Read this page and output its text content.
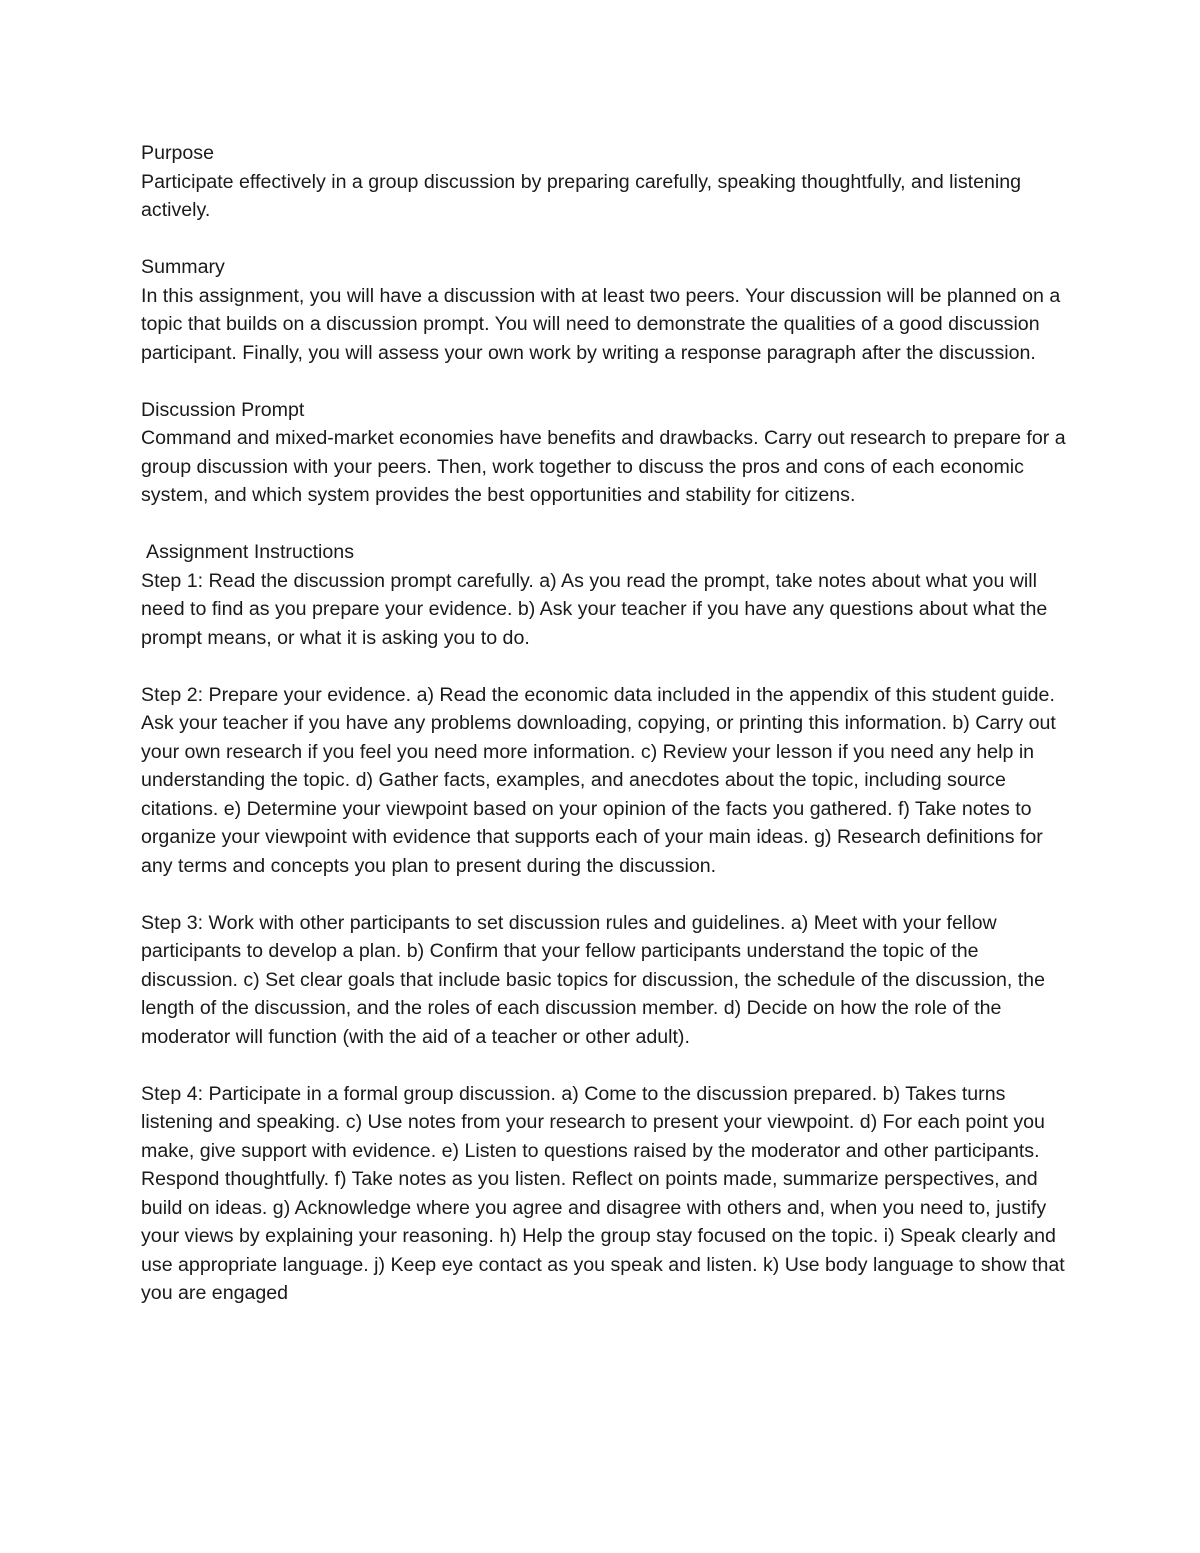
Purpose

Participate effectively in a group discussion by preparing carefully, speaking thoughtfully, and listening actively.

Summary

In this assignment, you will have a discussion with at least two peers. Your discussion will be planned on a topic that builds on a discussion prompt. You will need to demonstrate the qualities of a good discussion participant. Finally, you will assess your own work by writing a response paragraph after the discussion.

Discussion Prompt

Command and mixed-market economies have benefits and drawbacks. Carry out research to prepare for a group discussion with your peers. Then, work together to discuss the pros and cons of each economic system, and which system provides the best opportunities and stability for citizens.

Assignment Instructions

Step 1: Read the discussion prompt carefully. a) As you read the prompt, take notes about what you will need to find as you prepare your evidence. b) Ask your teacher if you have any questions about what the prompt means, or what it is asking you to do.

Step 2: Prepare your evidence. a) Read the economic data included in the appendix of this student guide. Ask your teacher if you have any problems downloading, copying, or printing this information. b) Carry out your own research if you feel you need more information. c) Review your lesson if you need any help in understanding the topic. d) Gather facts, examples, and anecdotes about the topic, including source citations. e) Determine your viewpoint based on your opinion of the facts you gathered. f) Take notes to organize your viewpoint with evidence that supports each of your main ideas. g) Research definitions for any terms and concepts you plan to present during the discussion.

Step 3: Work with other participants to set discussion rules and guidelines. a) Meet with your fellow participants to develop a plan. b) Confirm that your fellow participants understand the topic of the discussion. c) Set clear goals that include basic topics for discussion, the schedule of the discussion, the length of the discussion, and the roles of each discussion member. d) Decide on how the role of the moderator will function (with the aid of a teacher or other adult).

Step 4: Participate in a formal group discussion. a) Come to the discussion prepared. b) Takes turns listening and speaking. c) Use notes from your research to present your viewpoint. d) For each point you make, give support with evidence. e) Listen to questions raised by the moderator and other participants. Respond thoughtfully. f) Take notes as you listen. Reflect on points made, summarize perspectives, and build on ideas. g) Acknowledge where you agree and disagree with others and, when you need to, justify your views by explaining your reasoning. h) Help the group stay focused on the topic. i) Speak clearly and use appropriate language. j) Keep eye contact as you speak and listen. k) Use body language to show that you are engaged
